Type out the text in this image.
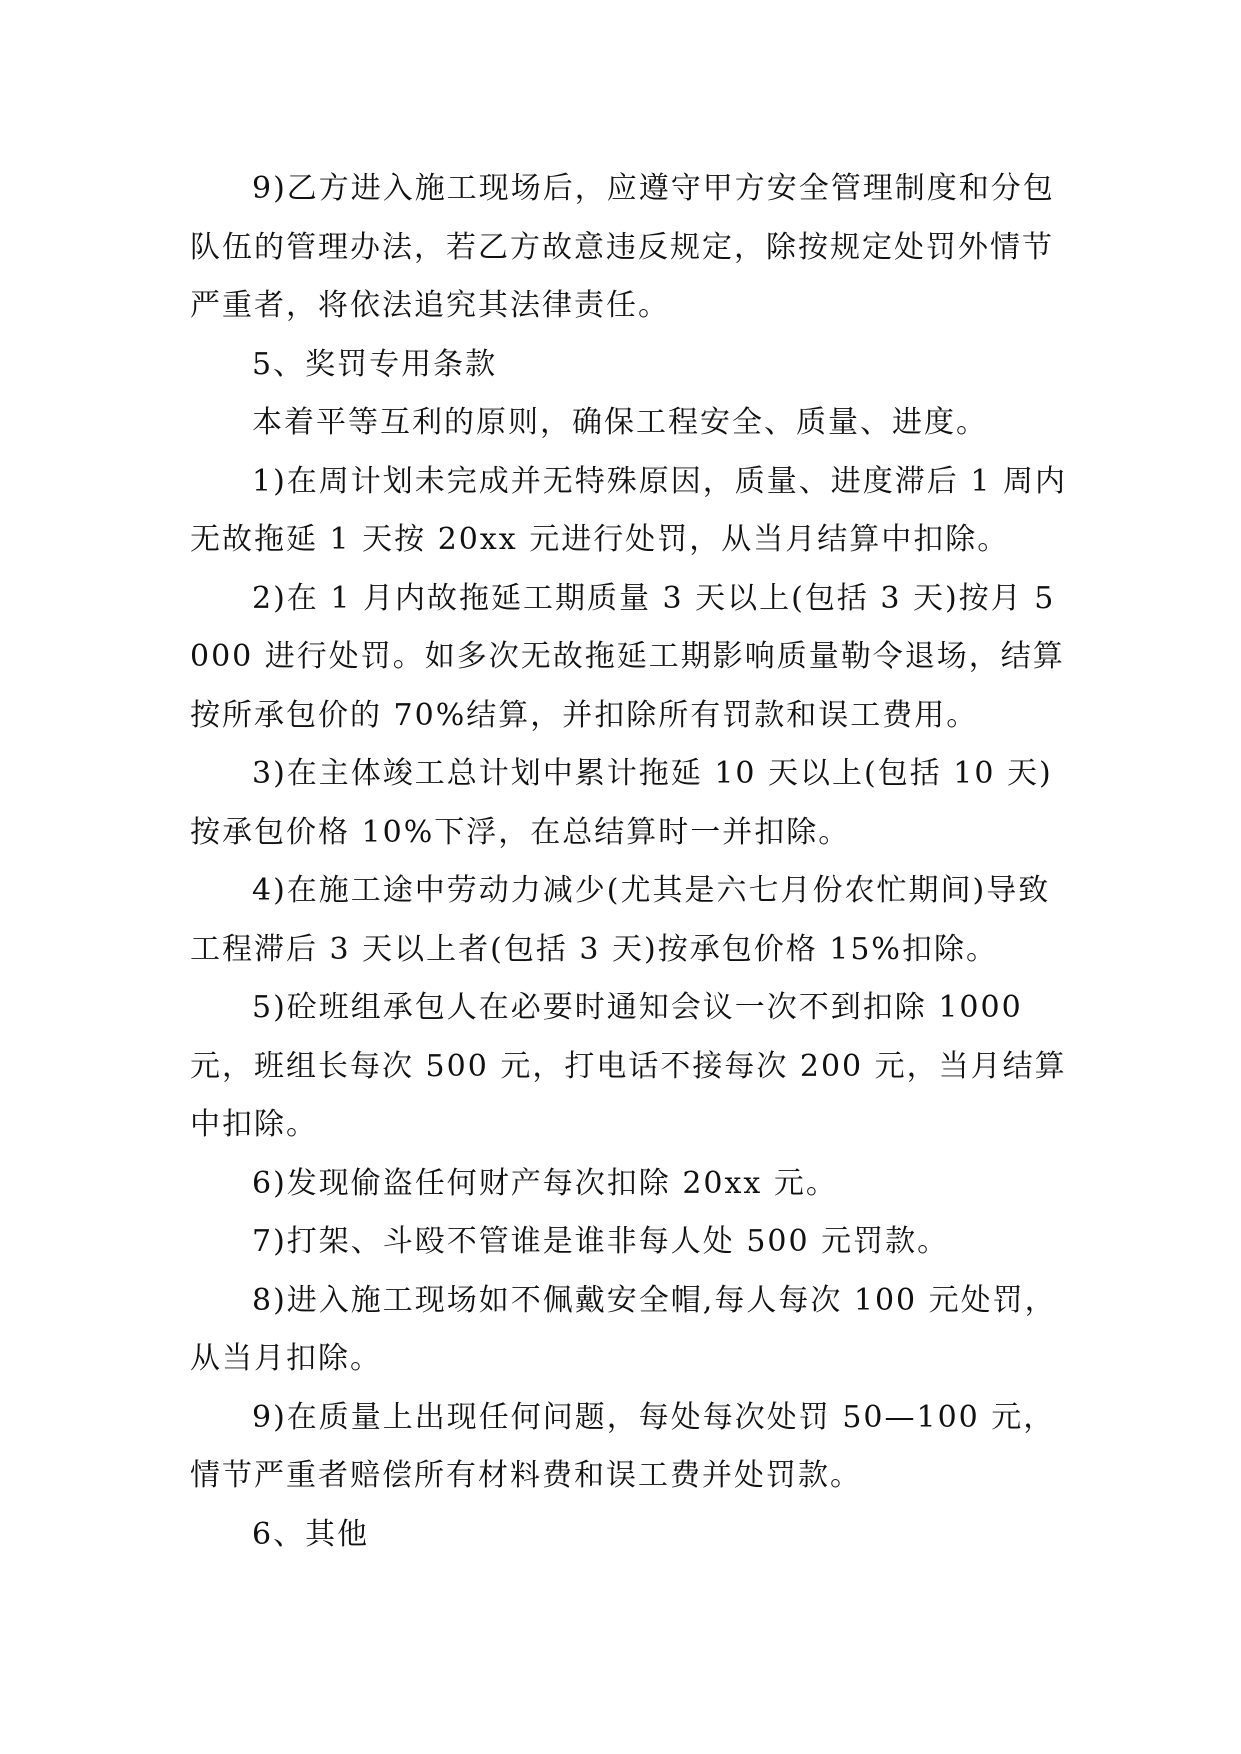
9)乙方进入施工现场后，应遵守甲方安全管理制度和分包队伍的管理办法，若乙方故意违反规定，除按规定处罚外情节严重者，将依法追究其法律责任。

5、奖罚专用条款

本着平等互利的原则，确保工程安全、质量、进度。

1)在周计划未完成并无特殊原因，质量、进度滞后 1 周内无故拖延 1 天按 20xx 元进行处罚，从当月结算中扣除。

2)在 1 月内故拖延工期质量 3 天以上(包括 3 天)按月 5000 进行处罚。如多次无故拖延工期影响质量勒令退场，结算按所承包价的 70%结算，并扣除所有罚款和误工费用。

3)在主体竣工总计划中累计拖延 10 天以上(包括 10 天)按承包价格 10%下浮，在总结算时一并扣除。

4)在施工途中劳动力减少(尤其是六七月份农忙期间)导致工程滞后 3 天以上者(包括 3 天)按承包价格 15%扣除。

5)砼班组承包人在必要时通知会议一次不到扣除 1000 元，班组长每次 500 元，打电话不接每次 200 元，当月结算中扣除。

6)发现偷盗任何财产每次扣除 20xx 元。

7)打架、斗殴不管谁是谁非每人处 500 元罚款。

8)进入施工现场如不佩戴安全帽,每人每次 100 元处罚，从当月扣除。

9)在质量上出现任何问题，每处每次处罚 50—100 元，情节严重者赔偿所有材料费和误工费并处罚款。

6、其他
